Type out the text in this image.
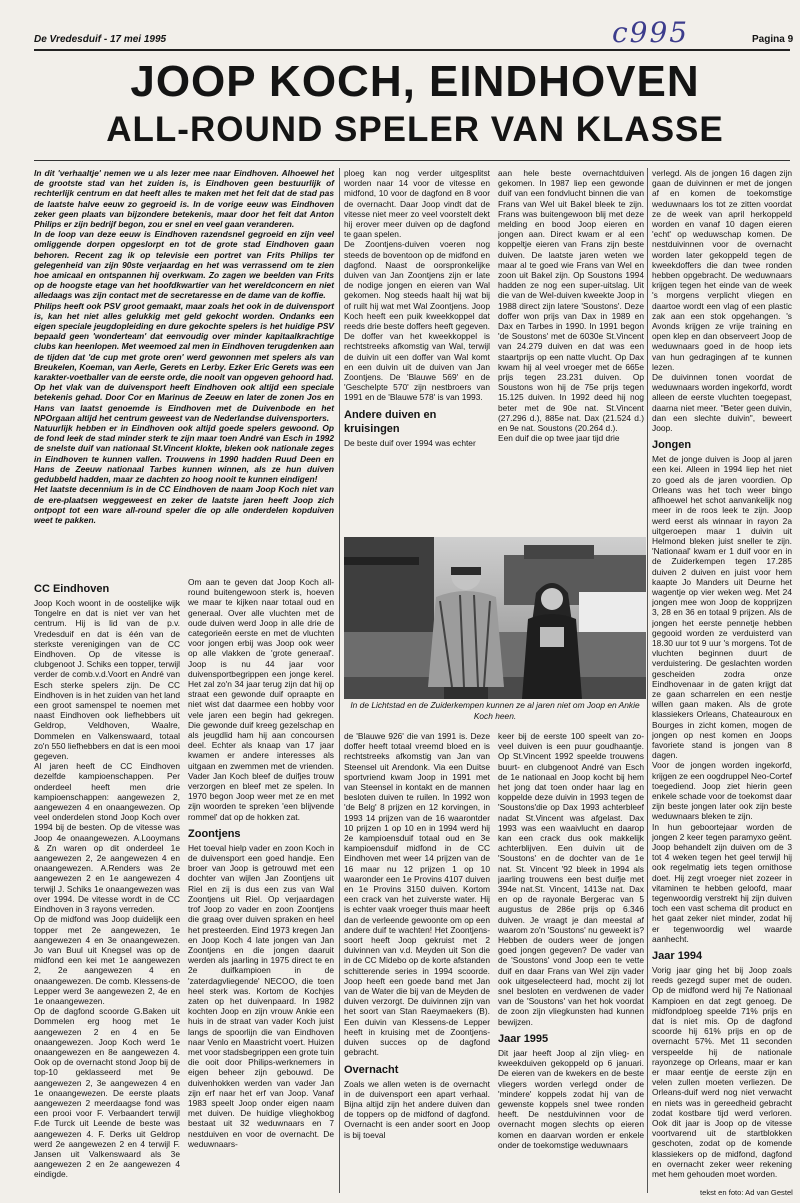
De Vredesduif - 17 mei 1995	Pagina 9
c995
JOOP KOCH, EINDHOVEN
ALL-ROUND SPELER VAN KLASSE

In dit 'verhaaltje' nemen we u als lezer mee naar Eindhoven. Alhoewel het de grootste stad van het zuiden is, is Eindhoven geen bestuurlijk of rechterlijk centrum en dat heeft alles te maken met het feit dat de stad pas de laatste halve eeuw zo gegroeid is. In de vorige eeuw was Eindhoven zeker geen plaats van bijzondere betekenis, maar door het feit dat Anton Philips er zijn bedrijf begon, zou er snel en veel gaan veranderen.

In de loop van deze eeuw is Eindhoven razendsnel gegroeid en zijn veel omliggende dorpen opgeslorpt en tot de grote stad Eindhoven gaan behoren. Recent zag ik op televisie een portret van Frits Philips ter gelegenheid van zijn 90ste verjaardag en het was verrassend om te zien hoe amicaal en ontspannen hij overkwam. Zo zagen we beelden van Frits op de hoogste etage van het hoofdkwartier van het wereldconcern en niet alledaags was zijn contact met de secretaresse en de dame van de koffie.

Philips heeft ook PSV groot gemaakt, maar zoals het ook in de duivensport is, kan het niet alles gelukkig met geld gekocht worden. Ondanks een eigen speciale jeugdopleiding en dure gekochte spelers is het huidige PSV bepaald geen 'wonderteam' dat eenvoudig over minder kapitaalkrachtige clubs kan heenlopen. Met weemoed zal men in Eindhoven terugdenken aan de tijden dat 'de cup met grote oren' werd gewonnen met spelers als van Breukelen, Koeman, van Aerle, Gerets en Lerby. Ezker Eric Gerets was een karakter-voetballer van de eerste orde, die nooit van opgeven gehoord had.

Op het vlak van de duivensport heeft Eindhoven ook altijd een speciale betekenis gehad. Door Cor en Marinus de Zeeuw en later de zonen Jos en Hans van laatst genoemde is Eindhoven met de Duivenbode en het NPOrgaan altijd het centrum geweest van de Nederlandse duivensporters.

Natuurlijk hebben er in Eindhoven ook altijd goede spelers gewoond. Op de fond leek de stad minder sterk te zijn maar toen André van Esch in 1992 de snelste duif van nationaal St.Vincent klokte, bleken ook nationale zeges in Eindhoven te kunnen vallen. Trouwens in 1990 hadden Ruud Deen en Hans de Zeeuw nationaal Tarbes kunnen winnen, als ze hun duiven gedubbeld hadden, maar ze dachten zo hoog nooit te kunnen eindigen!

Het laatste decennium is in de CC Eindhoven de naam Joop Koch niet van de ere-plaatsen weggeweest en zeker de laatste jaren heeft Joop zich ontpopt tot een ware all-round speler die op alle onderdelen kopduiven weet te pakken.

CC Eindhoven

Joop Koch woont in de oostelijke wijk Tongelre en dat is niet ver van het centrum. Hij is lid van de p.v. Vredesduif en dat is één van de sterkste verenigingen van de CC Eindhoven. Op de vitesse is clubgenoot J. Schiks een topper, terwijl verder de comb.v.d.Voort en André van Esch sterke spelers zijn. De CC Eindhoven is in het zuiden van het land een groot samenspel te noemen met naast Eindhoven ook liefhebbers uit Geldrop, Veldhoven, Waalre, Dommelen en Valkenswaard, totaal zo'n 550 liefhebbers en dat is een mooi gegeven.

Al jaren heeft de CC Eindhoven dezelfde kampioenschappen. Per onderdeel heeft men drie kampioenschappen: aangewezen 2, aangewezen 4 en onaangewezen. Op veel onderdelen stond Joop Koch over 1994 bij de besten. Op de vitesse was Joop 4e onaangewezen. A.Looymans & Zn waren op dit onderdeel 1e aangewezen 2, 2e aangewezen 4 en onaangewezen. A.Renders was 2e aangewezen 2 en 1e aangewezen 4 terwijl J. Schiks 1e onaangewezen was over 1994. De vitesse wordt in de CC Eindhoven in 3 rayons verreden.

Op de midfond was Joop duidelijk een topper met 2e aangewezen, 1e aangewezen 4 en 3e onaangewezen. Jo van Buul uit Knegsel was op de midfond een kei met 1e aangewezen 2, 2e aangewezen 4 en onaangewezen. De comb. Klessens-de Lepper werd 3e aangewezen 2, 4e en 1e onaangewezen.

Op de dagfond scoorde G.Baken uit Dommelen erg hoog met 1e aangewezen 2 en 4 en 5e onaangewezen. Joop Koch werd 1e onaangewezen en 8e aangewezen 4. Ook op de overnacht stond Joop bij de top-10 geklasseerd met 9e aangewezen 2, 3e aangewezen 4 en 1e onaangewezen. De eerste plaats aangewezen 2 meerdaagse fond was een prooi voor F. Verbaandert terwijl F.de Turck uit Leende de beste was aangewezen 4. F. Derks uit Geldrop werd 2e aangewezen 2 en 4 terwijl F. Jansen uit Valkenswaard als 3e aangewezen 2 en 2e aangewezen 4 eindigde.

Om aan te geven dat Joop Koch all-round buitengewoon sterk is, hoeven we maar te kijken naar totaal oud en generaal. Over alle vluchten met de oude duiven werd Joop in alle drie de categorieën eerste en met de vluchten voor jongen erbij was Joop ook weer op alle vlakken de 'grote generaal'. Joop is nu 44 jaar voor duivensportbegrippen een jonge kerel. Het zal zo'n 34 jaar terug zijn dat hij op straat een gewonde duif opraapte en niet wist dat daarmee een hobby voor vele jaren een begin had gekregen. Die gewonde duif kreeg gezelschap en als jeugdlid ham hij aan concoursen deel. Echter als knaap van 17 jaar kwamen er andere interesses als uitgaan en zwemmen met de vrienden. Vader Jan Koch bleef de duifjes trouw verzorgen en bleef met ze spelen. In 1970 begon Joop weer met ze en met zijn woorden te spreken 'een blijvende rommel' dat op de hokken zat.

Zoontjens

Het toeval hielp vader en zoon Koch in de duivensport een goed handje. Een broer van Joop is getrouwd met een dochter van wijlen Jan Zoontjens uit Riel en zij is dus een zus van Wal Zoontjens uit Riel. Op verjaardagen trof Joop zo vader en zoon Zoontjens die graag over duiven spraken en heel het presteerden. Eind 1973 kregen Jan en Joop Koch 4 late jongen van Jan Zoontjens en die jongen daaruit werden als jaarling in 1975 direct te en 2e duifkampioen in de 'zaterdagvliegende' NECOO, die toen heel sterk was. Kortom de Kochjes zaten op het duivenpaard. In 1982 kochten Joop en zijn vrouw Ankie een huis in de straat van vader Koch juist langs de spoorlijn die van Eindhoven naar Venlo en Maastricht voert. Huizen met voor stadsbegrippen een grote tuin die ooit door Philips-werknemers in eigen beheer zijn gebouwd. De duivenhokken werden van vader Jan zijn erf naar het erf van Joop. Vanaf 1983 speelt Joop onder eigen naam met duiven. De huidige vlieghokbog bestaat uit 32 weduwnaars en 7 nestduiven en voor de overnacht. De weduwnaars-

ploeg kan nog verder uitgesplitst worden naar 14 voor de vitesse en midfond, 10 voor de dagfond en 8 voor de overnacht. Daar Joop vindt dat de vitesse niet meer zo veel voorstelt dekt hij erover meer duiven op de dagfond te gaan spelen.

De Zoontjens-duiven voeren nog steeds de boventoon op de midfond en dagfond. Naast de oorspronkelijke duiven van Jan Zoontjens zijn er late de nodige jongen en eieren van Wal gekomen. Nog steeds haalt hij wat bij of ruilt hij wat met Wal Zoontjens. Joop Koch heeft een puik kweekkoppel dat reeds drie beste doffers heeft gegeven. De doffer van het kweekkoppel is rechtstreeks afkomstig van Wal, terwijl de duivin uit een doffer van Wal komt en een duivin uit de duiven van Jan Zoontjens. De 'Blauwe 569' en de 'Geschelpte 570' zijn nestbroers van 1991 en de 'Blauwe 578' is van 1993.

Andere duiven en kruisingen

De beste duif over 1994 was echter

aan hele beste overnachtduiven gekomen. In 1987 liep een gewonde duif van een fondvlucht binnen die van Frans van Wel uit Bakel bleek te zijn. Frans was buitengewoon blij met deze melding en bood Joop eieren en jongen aan. Direct kwam er al een koppeltje eieren van Frans zijn beste duiven. De laatste jaren weten we maar al te goed wie Frans van Wel en zoon uit Bakel zijn. Op Soustons 1994 hadden ze nog een super-uitslag. Uit die van de Wel-duiven kweekte Joop in 1988 direct zijn latere 'Soustons'. Deze doffer won prijs van Dax in 1989 en Dax en Tarbes in 1990. In 1991 begon 'de Soustons' met de 6030e St.Vincent van 24.279 duiven en dat was een staartprijs op een natte vlucht. Op Dax kwam hij al veel vroeger met de 665e prijs tegen 23.231 duiven. Op Soustons won hij de 75e prijs tegen 15.125 duiven. In 1992 deed hij nog beter met de 90e nat. St.Vincent (27.296 d.), 885e nat. Dax (21.524 d.) en 9e nat. Soustons (20.264 d.).

Een duif die op twee jaar tijd drie

verlegd. Als de jongen 16 dagen zijn gaan de duivinnen er met de jongen af en komen de toekomstige weduwnaars los tot ze zitten voordat ze de week van april herkoppeld worden en vanaf 10 dagen eieren 'echt' op weduwschap komen. De nestduivinnen voor de overnacht worden later gekoppeld tegen de kweekdoffers die dan twee ronden hebben opgebracht. De weduwnaars krijgen tegen het einde van de week 's morgens verplicht vliegen en daartoe wordt een vlag of een plastic zak aan een stok opgehangen. 's Avonds krijgen ze vrije training en open klep en dan observeert Joop de weduwnaars goed in de hoop iets van hun gedragingen af te kunnen lezen.

De duivinnen tonen voordat de weduwnaars worden ingekorfd, wordt alleen de eerste vluchten toegepast, daarna niet meer. "Beter geen duivin, dan een slechte duivin", beweert Joop.

Jongen

Met de jonge duiven is Joop al jaren een kei. Alleen in 1994 liep het niet zo goed als de jaren voordien. Op Orleans was het toch weer bingo aflhoewel het schot aanvankelijk nog meer in de roos leek te zijn. Joop werd eerst als winnaar in rayon 2a uitgeroepen maar 1 duivin uit Helmond bleken juist sneller te zijn. 'Nationaal' kwam er 1 duif voor en in de Zuiderkempen tegen 17.285 duiven 2 duiven en juist voor hem kaapte Jo Manders uit Deurne het wagentje op vier weken weg. Met 24 jongen mee won Joop de kopprijzen 3, 28 en 36 en totaal 9 prijzen. Als de jongen het eerste pennetje hebben gegooid worden ze verduisterd van 18.30 uur tot 9 uur 's morgens. Tot de vluchten beginnen duurt de verduistering. De geslachten worden gescheiden zodra onze Eindhovenaar in de gaten krijgt dat ze gaan scharrelen en een nestje willen gaan maken. Als de grote klassiekers Orleans, Chateauroux en Bourges in zicht komen, mogen de jongen op nest komen en Joops favoriete stand is jongen van 8 dagen.

Voor de jongen worden ingekorfd, krijgen ze een oogdruppel Neo-Cortef toegediend. Joop ziet hierin geen enkele schade voor de toekomst daar zijn beste jongen later ook zijn beste weduwnaars bleken te zijn.

In hun geboortejaar worden de jongen 2 keer tegen paramyxo geënt. Joop behandelt zijn duiven om de 3 tot 4 weken tegen het geel terwijl hij ook regelmatig iets tegen ornithose doet. Hij zegt vroeger niet zozeer in vitaminen te hebben geloofd, maar tegenwoordig verstrekt hij zijn duiven toch een vast schema dit product en het gaat zeker niet minder, zodat hij er tegenwoordig wel waarde aanhecht.

Jaar 1994

Vorig jaar ging het bij Joop zoals reeds gezegd super met de ouden. Op de midfond werd hij 7e Nationaal Kampioen en dat zegt genoeg. De midfondploeg speelde 71% prijs en dat is niet mis. Op de dagfond scoorde hij 61% prijs en op de overnacht 57%. Met 11 seconden verspeelde hij de nationale rayonzege op Orleans, maar er kan er maar eentje de eerste zijn en velen zullen moeten verliezen. De Orleans-duif werd nog niet verwacht en niets was in gereedheid gebracht zodat kostbare tijd werd verloren. Ook dit jaar is Joop op de vitesse voortvarend uit de startblokken geschoten, zodat op de komende klassiekers op de midfond, dagfond en overnacht zeker weer rekening met hem gehouden moet worden.

In de Lichtstad en de Zuiderkempen kunnen ze al jaren niet om Joop en Ankie Koch heen.

de 'Blauwe 926' die van 1991 is. Deze doffer heeft totaal vreemd bloed en is rechtstreeks afkomstig van Jan van Steensel uit Arendonk. Via een Duitse sportvriend kwam Joop in 1991 met van Steensel in kontakt en de mannen besloten duiven te ruilen. In 1992 won 'de Belg' 8 prijzen en 12 korvingen, in 1993 14 prijzen van de 16 waarontder 10 prijzen 1 op 10 en in 1994 werd hij 2e kampioensduif totaal oud en 3e kampioensduif midfond in de CC Eindhoven met weer 14 prijzen van de 16 maar nu 12 prijzen 1 op 10 waaronder een 1e Provins 4107 duiven en 1e Provins 3150 duiven. Kortom een crack van het zuiverste water. Hij is echter vaak vroeger thuis maar heeft dan de verleende gewoonte om op een andere duif te wachten! Het Zoontjens-soort heeft Joop gekruist met 2 duivinnen van v.d. Meyden uit Son die in de CC Midebo op de korte afstanden schitterende series in 1994 scoorde. Joop heeft een goede band met Jan van de Water die bij van de Meyden de duiven verzorgt. De duivinnen zijn van het soort van Stan Raeymaekers (B). Een duivin van Klessens-de Lepper heeft in kruising met de Zoontjens-duiven succes op de dagfond gebracht.

Overnacht

Zoals we allen weten is de overnacht in de duivensport een apart verhaal. Bijna altijd zijn het andere duiven dan de toppers op de midfond of dagfond. Overnacht is een ander soort en Joop is bij toeval

keer bij de eerste 100 speelt van zo-veel duiven is een puur goudhaantje. Op St.Vincent 1992 speelde trouwens buurt- en clubgenoot André van Esch de 1e nationaal en Joop kocht bij hem het jong dat toen onder haar lag en koppelde deze duivin in 1993 tegen de 'Soustons'die op Dax 1993 achterbleef nadat St.Vincent was afgelast. Dax 1993 was een waaivlucht en daarop kan een crack dus ook makkelijk achterblijven. Een duivin uit de 'Soustons' en de dochter van de 1e nat. St. Vincent '92 bleek in 1994 als jaarling trouwens een best duifje met 394e nat.St. Vincent, 1413e nat. Dax en op de rayonale Bergerac van 5 augustus de 286e prijs op 6.346 duiven. Je vraagt je dan meestal af waarom zo'n 'Soustons' nu geweekt is? Hebben de ouders weer de jongen goed jongen gegeven? De vader van de 'Soustons' vond Joop een te vette duif en daar Frans van Wel zijn vader ook uitgeselecteerd had, mocht zij lot snel besloten en verdwenen de vader van de 'Soustons' van het hok voordat de zoon zijn vliegkunsten had kunnen bewijzen.

Jaar 1995

Dit jaar heeft Joop al zijn vlieg- en kweekduiven gekoppeld op 6 januari. De eieren van de kwekers en de beste vliegers worden verlegd onder de 'mindere' koppels zodat hij van de gewenste koppels snel twee ronden heeft. De nestduivinnen voor de overnacht mogen slechts op eieren komen en daarvan worden er enkele onder de toekomstige weduwnaars

tekst en foto: Ad van Gestel
